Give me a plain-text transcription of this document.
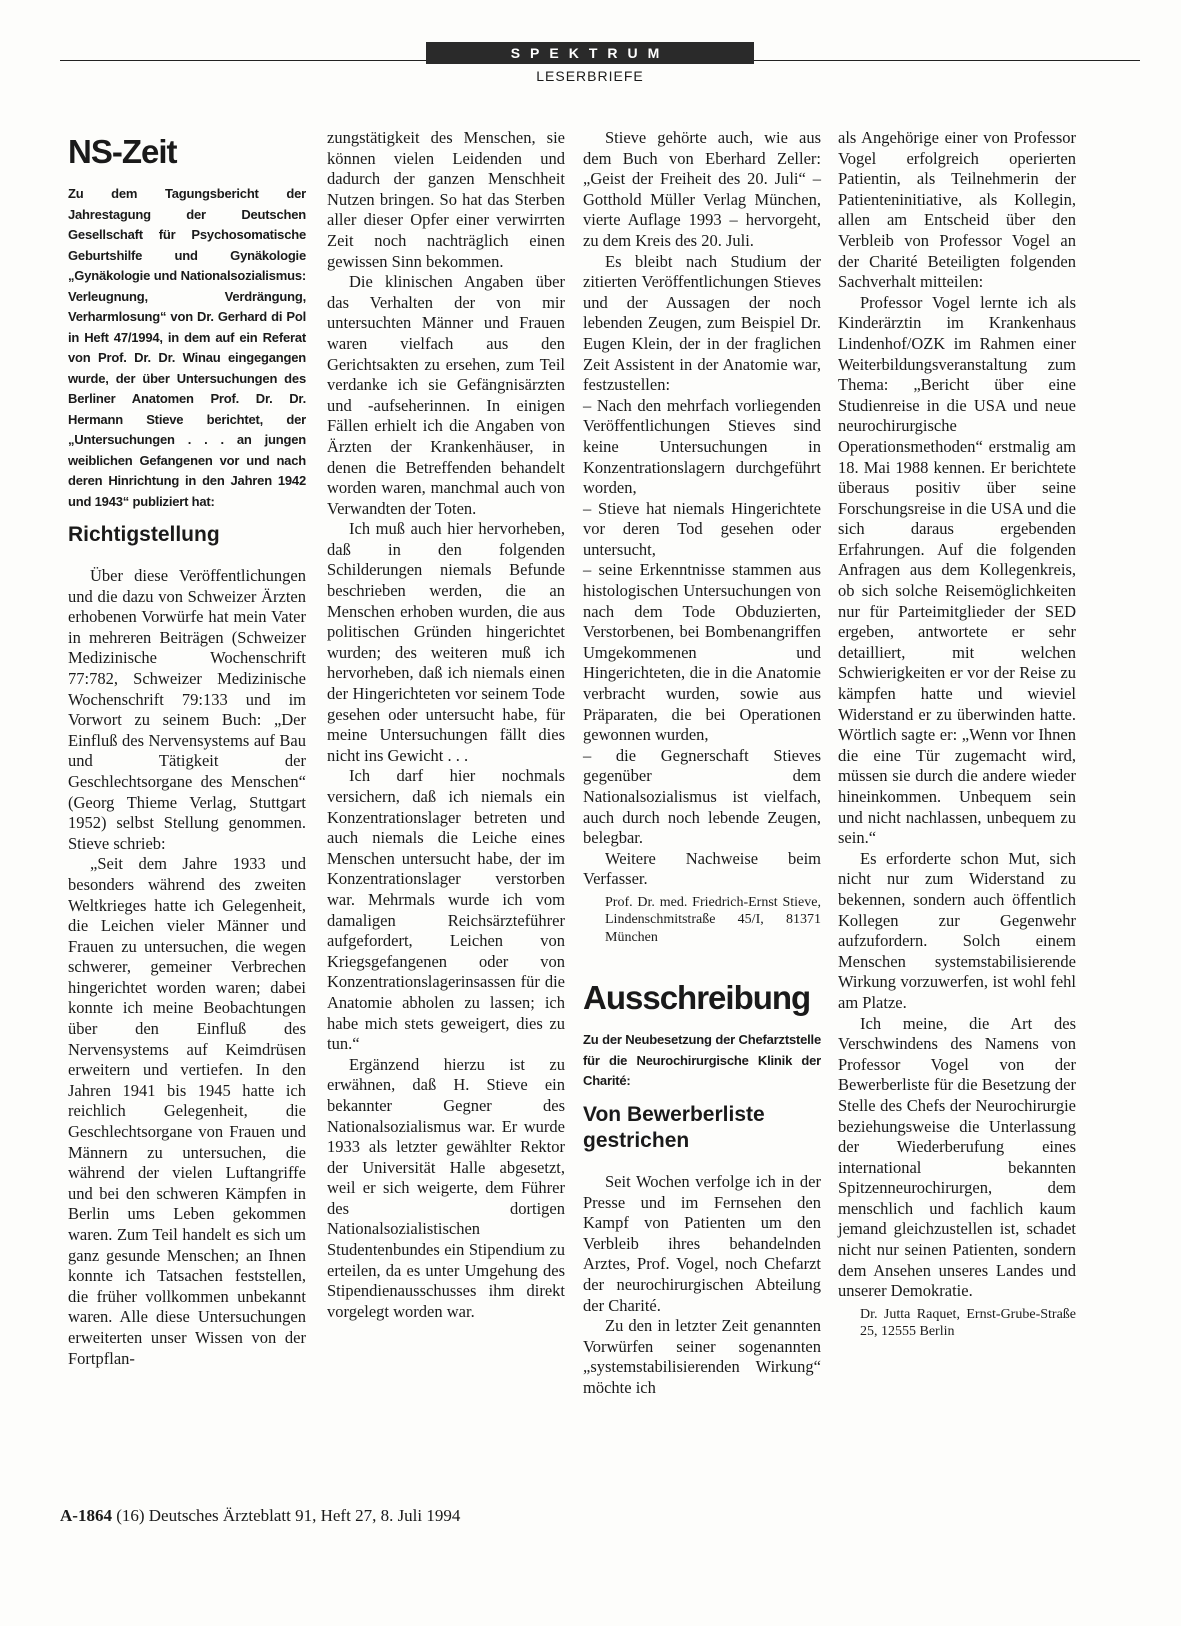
SPEKTRUM
LESERBRIEFE
NS-Zeit

Zu dem Tagungsbericht der Jahrestagung der Deutschen Gesellschaft für Psychosomatische Geburtshilfe und Gynäkologie „Gynäkologie und Nationalsozialismus: Verleugnung, Verdrängung, Verharmlosung“ von Dr. Gerhard di Pol in Heft 47/1994, in dem auf ein Referat von Prof. Dr. Dr. Winau eingegangen wurde, der über Untersuchungen des Berliner Anatomen Prof. Dr. Dr. Hermann Stieve berichtet, der „Untersuchungen . . . an jungen weiblichen Gefangenen vor und nach deren Hinrichtung in den Jahren 1942 und 1943“ publiziert hat:

Richtigstellung

Über diese Veröffentlichungen und die dazu von Schweizer Ärzten erhobenen Vorwürfe hat mein Vater in mehreren Beiträgen (Schweizer Medizinische Wochenschrift 77:782, Schweizer Medizinische Wochenschrift 79:133 und im Vorwort zu seinem Buch: „Der Einfluß des Nervensystems auf Bau und Tätigkeit der Geschlechtsorgane des Menschen“ (Georg Thieme Verlag, Stuttgart 1952) selbst Stellung genommen. Stieve schrieb:

„Seit dem Jahre 1933 und besonders während des zweiten Weltkrieges hatte ich Gelegenheit, die Leichen vieler Männer und Frauen zu untersuchen, die wegen schwerer, gemeiner Verbrechen hingerichtet worden waren; dabei konnte ich meine Beobachtungen über den Einfluß des Nervensystems auf Keimdrüsen erweitern und vertiefen. In den Jahren 1941 bis 1945 hatte ich reichlich Gelegenheit, die Geschlechtsorgane von Frauen und Männern zu untersuchen, die während der vielen Luftangriffe und bei den schweren Kämpfen in Berlin ums Leben gekommen waren. Zum Teil handelt es sich um ganz gesunde Menschen; an Ihnen konnte ich Tatsachen feststellen, die früher vollkommen unbekannt waren. Alle diese Untersuchungen erweiterten unser Wissen von der Fortpflan-

zungstätigkeit des Menschen, sie können vielen Leidenden und dadurch der ganzen Menschheit Nutzen bringen. So hat das Sterben aller dieser Opfer einer verwirrten Zeit noch nachträglich einen gewissen Sinn bekommen.

Die klinischen Angaben über das Verhalten der von mir untersuchten Männer und Frauen waren vielfach aus den Gerichtsakten zu ersehen, zum Teil verdanke ich sie Gefängnisärzten und -aufseherinnen. In einigen Fällen erhielt ich die Angaben von Ärzten der Krankenhäuser, in denen die Betreffenden behandelt worden waren, manchmal auch von Verwandten der Toten.

Ich muß auch hier hervorheben, daß in den folgenden Schilderungen niemals Befunde beschrieben werden, die an Menschen erhoben wurden, die aus politischen Gründen hingerichtet wurden; des weiteren muß ich hervorheben, daß ich niemals einen der Hingerichteten vor seinem Tode gesehen oder untersucht habe, für meine Untersuchungen fällt dies nicht ins Gewicht . . .

Ich darf hier nochmals versichern, daß ich niemals ein Konzentrationslager betreten und auch niemals die Leiche eines Menschen untersucht habe, der im Konzentrationslager verstorben war. Mehrmals wurde ich vom damaligen Reichsärzteführer aufgefordert, Leichen von Kriegsgefangenen oder von Konzentrationslagerinsassen für die Anatomie abholen zu lassen; ich habe mich stets geweigert, dies zu tun.“

Ergänzend hierzu ist zu erwähnen, daß H. Stieve ein bekannter Gegner des Nationalsozialismus war. Er wurde 1933 als letzter gewählter Rektor der Universität Halle abgesetzt, weil er sich weigerte, dem Führer des dortigen Nationalsozialistischen Studentenbundes ein Stipendium zu erteilen, da es unter Umgehung des Stipendienausschusses ihm direkt vorgelegt worden war.

Stieve gehörte auch, wie aus dem Buch von Eberhard Zeller: „Geist der Freiheit des 20. Juli“ – Gotthold Müller Verlag München, vierte Auflage 1993 – hervorgeht, zu dem Kreis des 20. Juli.

Es bleibt nach Studium der zitierten Veröffentlichungen Stieves und der Aussagen der noch lebenden Zeugen, zum Beispiel Dr. Eugen Klein, der in der fraglichen Zeit Assistent in der Anatomie war, festzustellen:

– Nach den mehrfach vorliegenden Veröffentlichungen Stieves sind keine Untersuchungen in Konzentrationslagern durchgeführt worden,

– Stieve hat niemals Hingerichtete vor deren Tod gesehen oder untersucht,

– seine Erkenntnisse stammen aus histologischen Untersuchungen von nach dem Tode Obduzierten, Verstorbenen, bei Bombenangriffen Umgekommenen und Hingerichteten, die in die Anatomie verbracht wurden, sowie aus Präparaten, die bei Operationen gewonnen wurden,

– die Gegnerschaft Stieves gegenüber dem Nationalsozialismus ist vielfach, auch durch noch lebende Zeugen, belegbar.

Weitere Nachweise beim Verfasser.

Prof. Dr. med. Friedrich-Ernst Stieve, Lindenschmitstraße 45/I, 81371 München

Ausschreibung

Zu der Neubesetzung der Chefarztstelle für die Neurochirurgische Klinik der Charité:

Von Bewerberliste gestrichen

Seit Wochen verfolge ich in der Presse und im Fernsehen den Kampf von Patienten um den Verbleib ihres behandelnden Arztes, Prof. Vogel, noch Chefarzt der neurochirurgischen Abteilung der Charité.

Zu den in letzter Zeit genannten Vorwürfen seiner sogenannten „systemstabilisierenden Wirkung“ möchte ich

als Angehörige einer von Professor Vogel erfolgreich operierten Patientin, als Teilnehmerin der Patienteninitiative, als Kollegin, allen am Entscheid über den Verbleib von Professor Vogel an der Charité Beteiligten folgenden Sachverhalt mitteilen:

Professor Vogel lernte ich als Kinderärztin im Krankenhaus Lindenhof/OZK im Rahmen einer Weiterbildungsveranstaltung zum Thema: „Bericht über eine Studienreise in die USA und neue neurochirurgische Operationsmethoden“ erstmalig am 18. Mai 1988 kennen. Er berichtete überaus positiv über seine Forschungsreise in die USA und die sich daraus ergebenden Erfahrungen. Auf die folgenden Anfragen aus dem Kollegenkreis, ob sich solche Reisemöglichkeiten nur für Parteimitglieder der SED ergeben, antwortete er sehr detailliert, mit welchen Schwierigkeiten er vor der Reise zu kämpfen hatte und wieviel Widerstand er zu überwinden hatte. Wörtlich sagte er: „Wenn vor Ihnen die eine Tür zugemacht wird, müssen sie durch die andere wieder hineinkommen. Unbequem sein und nicht nachlassen, unbequem zu sein.“

Es erforderte schon Mut, sich nicht nur zum Widerstand zu bekennen, sondern auch öffentlich Kollegen zur Gegenwehr aufzufordern. Solch einem Menschen systemstabilisierende Wirkung vorzuwerfen, ist wohl fehl am Platze.

Ich meine, die Art des Verschwindens des Namens von Professor Vogel von der Bewerberliste für die Besetzung der Stelle des Chefs der Neurochirurgie beziehungsweise die Unterlassung der Wiederberufung eines international bekannten Spitzenneurochirurgen, dem menschlich und fachlich kaum jemand gleichzustellen ist, schadet nicht nur seinen Patienten, sondern dem Ansehen unseres Landes und unserer Demokratie.

Dr. Jutta Raquet, Ernst-Grube-Straße 25, 12555 Berlin

A-1864 (16) Deutsches Ärzteblatt 91, Heft 27, 8. Juli 1994
